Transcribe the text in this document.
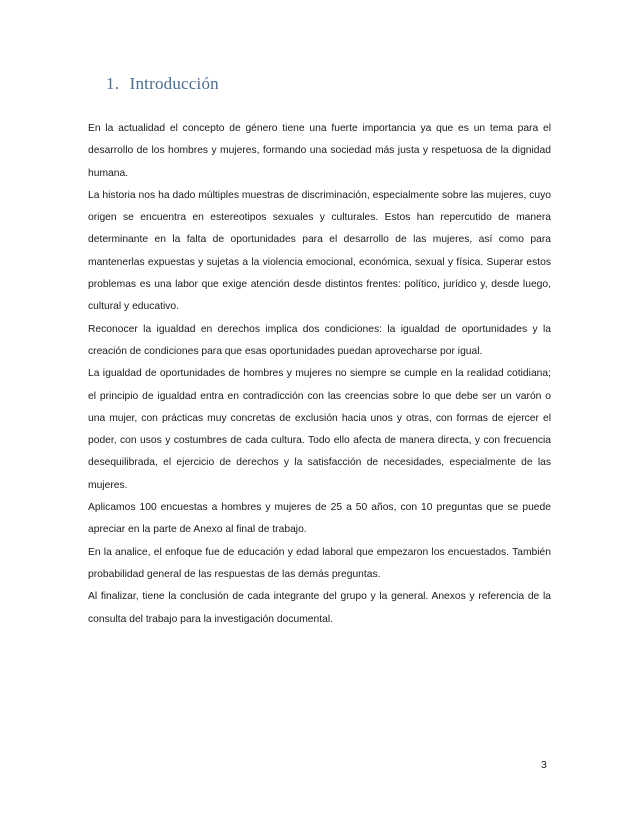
1. Introducción

En la actualidad el concepto de género tiene una fuerte importancia ya que es un tema para el desarrollo de los hombres y mujeres, formando una sociedad más justa y respetuosa de la dignidad humana.

La historia nos ha dado múltiples muestras de discriminación, especialmente sobre las mujeres, cuyo origen se encuentra en estereotipos sexuales y culturales. Estos han repercutido de manera determinante en la falta de oportunidades para el desarrollo de las mujeres, así como para mantenerlas expuestas y sujetas a la violencia emocional, económica, sexual y física. Superar estos problemas es una labor que exige atención desde distintos frentes: político, jurídico y, desde luego, cultural y educativo.

Reconocer la igualdad en derechos implica dos condiciones: la igualdad de oportunidades y la creación de condiciones para que esas oportunidades puedan aprovecharse por igual.

La igualdad de oportunidades de hombres y mujeres no siempre se cumple en la realidad cotidiana; el principio de igualdad entra en contradicción con las creencias sobre lo que debe ser un varón o una mujer, con prácticas muy concretas de exclusión hacia unos y otras, con formas de ejercer el poder, con usos y costumbres de cada cultura. Todo ello afecta de manera directa, y con frecuencia desequilibrada, el ejercicio de derechos y la satisfacción de necesidades, especialmente de las mujeres.

Aplicamos 100 encuestas a hombres y mujeres de 25 a 50 años, con 10 preguntas que se puede apreciar en la parte de Anexo al final de trabajo.

En la analice, el enfoque fue de educación y edad laboral que empezaron los encuestados. También probabilidad general de las respuestas de las demás preguntas.

Al finalizar, tiene la conclusión de cada integrante del grupo y la general. Anexos y referencia de la consulta del trabajo para la investigación documental.

3
